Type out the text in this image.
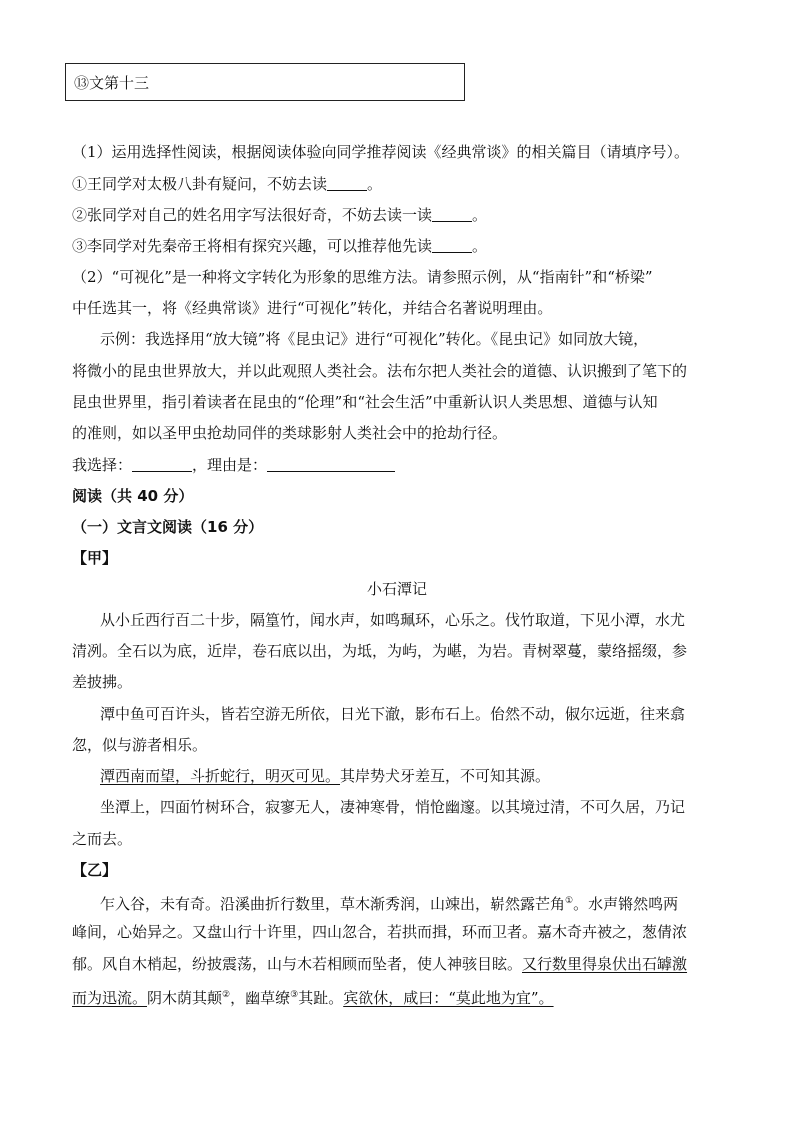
⑬文第十三
（1）运用选择性阅读，根据阅读体验向同学推荐阅读《经典常谈》的相关篇目（请填序号）。
①王同学对太极八卦有疑问，不妨去读	。
②张同学对自己的姓名用字写法很好奇，不妨去读一读	。
③李同学对先秦帝王将相有探究兴趣，可以推荐他先读	。
（2）“可视化”是一种将文字转化为形象的思维方法。请参照示例，从“指南针”和“桥梁”
中任选其一，将《经典常谈》进行“可视化”转化，并结合名著说明理由。
示例：我选择用“放大镜”将《昆虫记》进行“可视化”转化。《昆虫记》如同放大镜，
将微小的昆虫世界放大，并以此观照人类社会。法布尔把人类社会的道德、认识搬到了笔下的
昆虫世界里，指引着读者在昆虫的“伦理”和“社会生活”中重新认识人类思想、道德与认知
的准则，如以圣甲虫抢劫同伴的类球影射人类社会中的抢劫行径。
我选择：	，理由是：
阅读（共 40 分）
（一）文言文阅读（16 分）
【甲】
小石潭记
从小丘西行百二十步，隔篁竹，闻水声，如鸣珮环，心乐之。伐竹取道，下见小潭，水尤
清冽。全石以为底，近岸，卷石底以出，为坻，为屿，为嵁，为岩。青树翠蔓，蒙络摇缀，参
差披拂。
潭中鱼可百许头，皆若空游无所依，日光下澈，影布石上。佁然不动，俶尔远逝，往来翕
忽，似与游者相乐。
潭西南而望，斗折蛇行，明灭可见。其岸势犬牙差互，不可知其源。
坐潭上，四面竹树环合，寂寥无人，凄神寒骨，悄怆幽邃。以其境过清，不可久居，乃记
之而去。
【乙】
乍入谷，未有奇。沿溪曲折行数里，草木渐秀润，山竦出，崭然露芒角①。水声锵然鸣两
峰间，心始异之。又盘山行十许里，四山忽合，若拱而揖，环而卫者。嘉木奇卉被之，葱倩浓
郁。风自木梢起，纷披震荡，山与木若相顾而坠者，使人神骇目眩。又行数里得泉伏出石罅激
而为迅流。阴木荫其颠②，幽草缭③其趾。宾欲休，咸曰：“莫此地为宜”。
